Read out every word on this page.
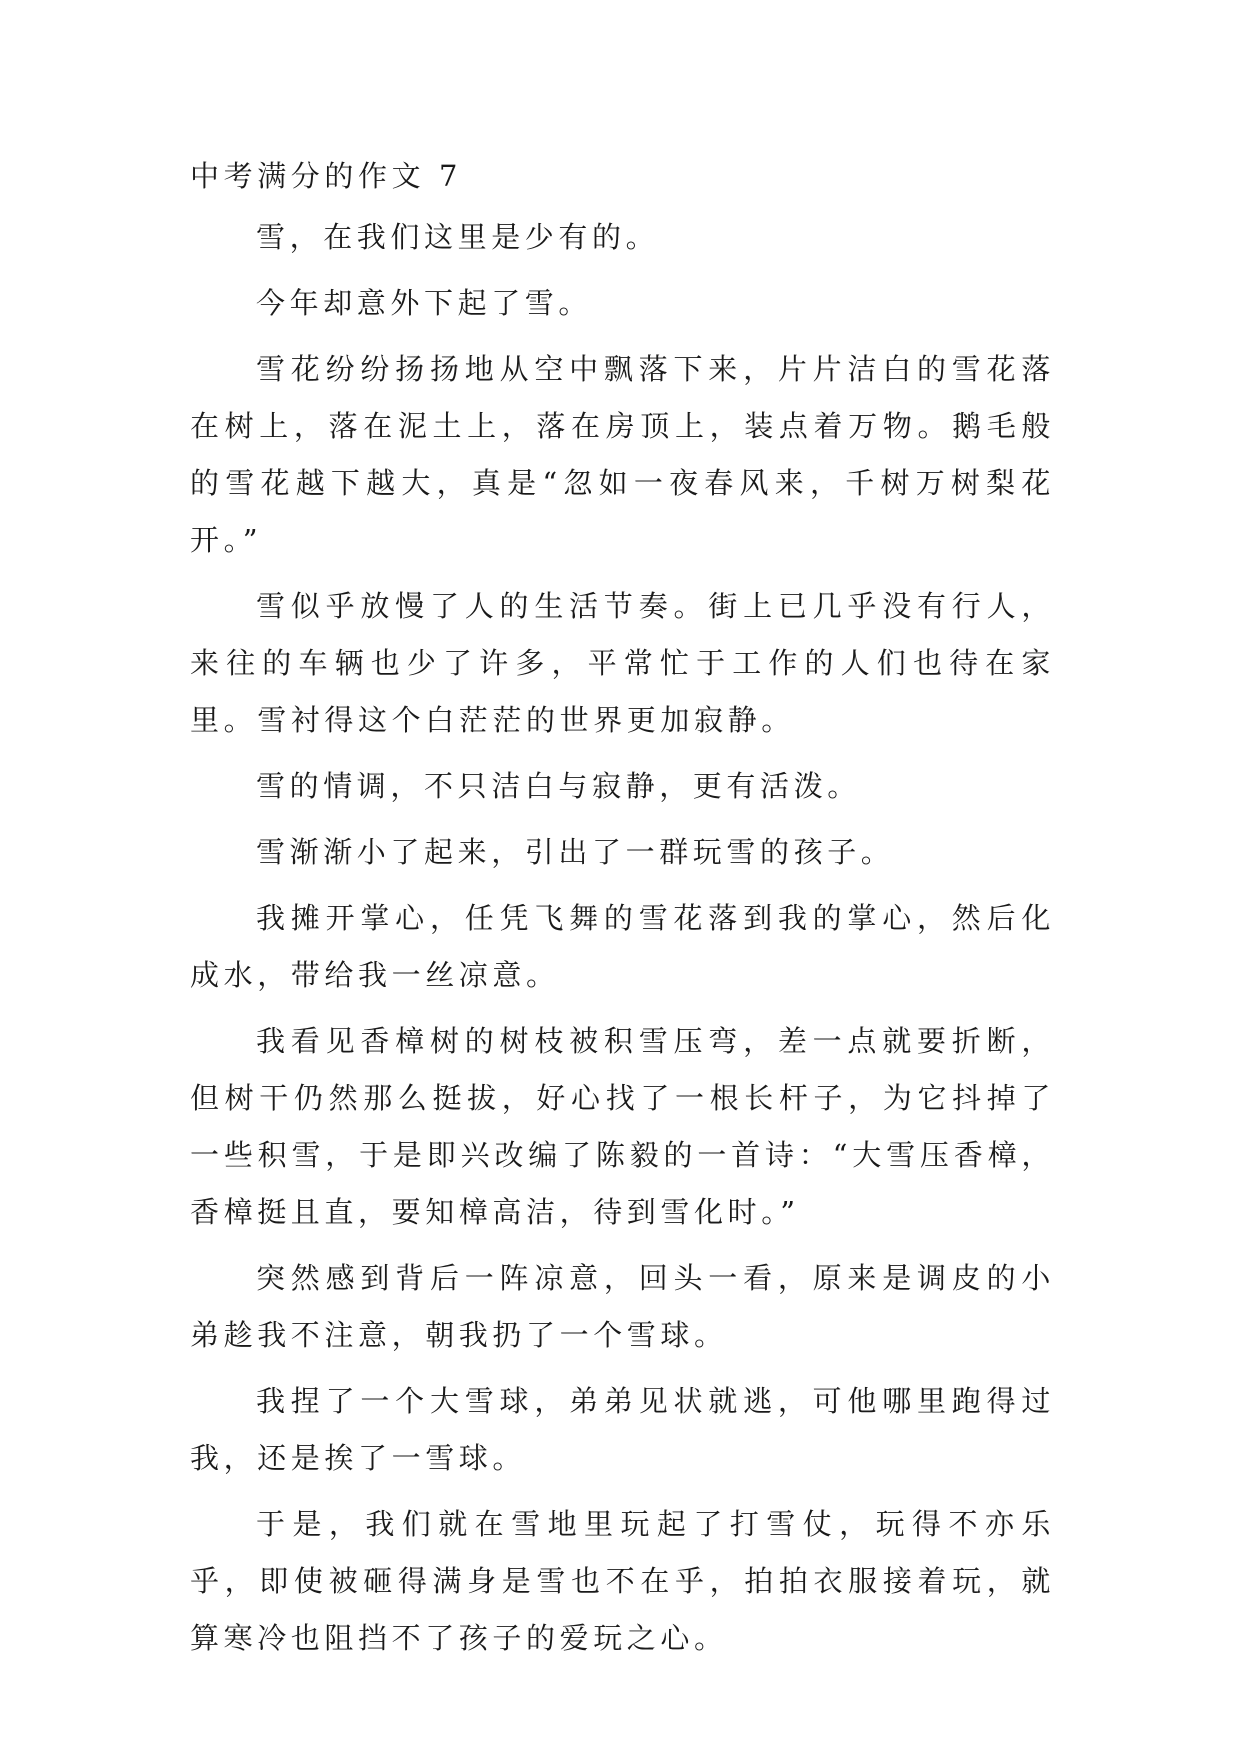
中考满分的作文 7

雪，在我们这里是少有的。

今年却意外下起了雪。

雪花纷纷扬扬地从空中飘落下来，片片洁白的雪花落在树上，落在泥土上，落在房顶上，装点着万物。鹅毛般的雪花越下越大，真是“忽如一夜春风来，千树万树梨花开。”

雪似乎放慢了人的生活节奏。街上已几乎没有行人，来往的车辆也少了许多，平常忙于工作的人们也待在家里。雪衬得这个白茫茫的世界更加寂静。

雪的情调，不只洁白与寂静，更有活泼。

雪渐渐小了起来，引出了一群玩雪的孩子。

我摊开掌心，任凭飞舞的雪花落到我的掌心，然后化成水，带给我一丝凉意。

我看见香樟树的树枝被积雪压弯，差一点就要折断，但树干仍然那么挺拔，好心找了一根长杆子，为它抖掉了一些积雪，于是即兴改编了陈毅的一首诗：“大雪压香樟，香樟挺且直，要知樟高洁，待到雪化时。”

突然感到背后一阵凉意，回头一看，原来是调皮的小弟趁我不注意，朝我扔了一个雪球。

我捏了一个大雪球，弟弟见状就逃，可他哪里跑得过我，还是挨了一雪球。

于是，我们就在雪地里玩起了打雪仗，玩得不亦乐乎，即使被砸得满身是雪也不在乎，拍拍衣服接着玩，就算寒冷也阻挡不了孩子的爱玩之心。
